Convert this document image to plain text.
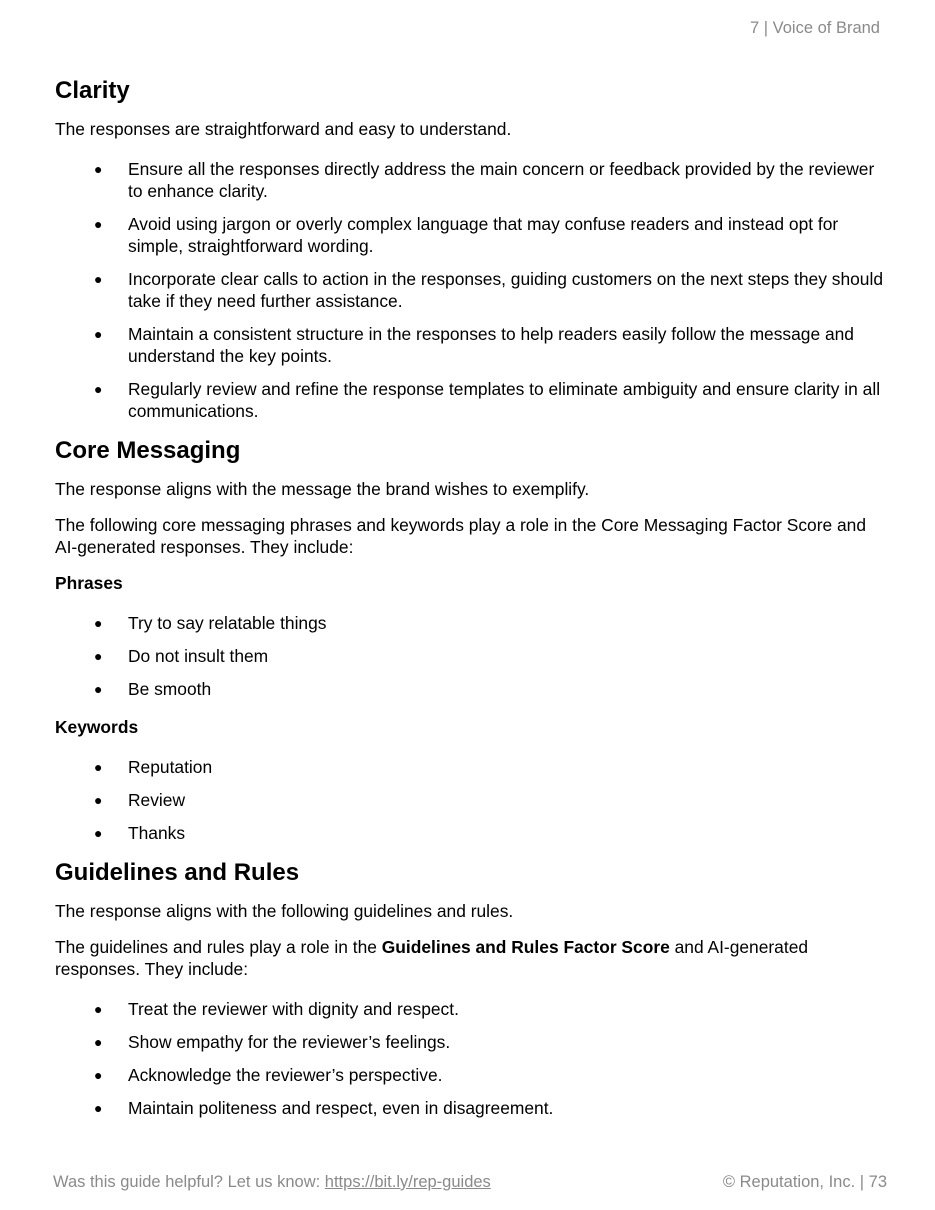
7 | Voice of Brand
Clarity

The responses are straightforward and easy to understand.

● Ensure all the responses directly address the main concern or feedback provided by the reviewer to enhance clarity.
● Avoid using jargon or overly complex language that may confuse readers and instead opt for simple, straightforward wording.
● Incorporate clear calls to action in the responses, guiding customers on the next steps they should take if they need further assistance.
● Maintain a consistent structure in the responses to help readers easily follow the message and understand the key points.
● Regularly review and refine the response templates to eliminate ambiguity and ensure clarity in all communications.
Core Messaging

The response aligns with the message the brand wishes to exemplify.

The following core messaging phrases and keywords play a role in the Core Messaging Factor Score and AI-generated responses. They include:

Phrases
● Try to say relatable things
● Do not insult them
● Be smooth
Keywords
● Reputation
● Review
● Thanks
Guidelines and Rules

The response aligns with the following guidelines and rules.

The guidelines and rules play a role in the Guidelines and Rules Factor Score and AI-generated responses. They include:

● Treat the reviewer with dignity and respect.
● Show empathy for the reviewer’s feelings.
● Acknowledge the reviewer’s perspective.
● Maintain politeness and respect, even in disagreement.
Was this guide helpful? Let us know: https://bit.ly/rep-guides	© Reputation, Inc. | 73
